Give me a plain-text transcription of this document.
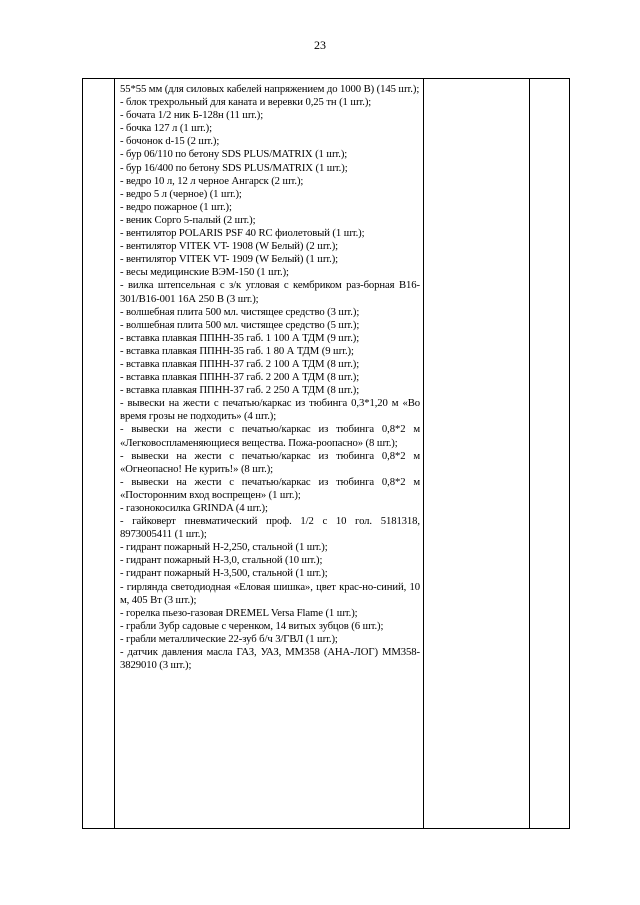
23

55*55 мм (для силовых кабелей напряжением до 1000 В) (145 шт.);
- блок трехрольный для каната и веревки 0,25 тн (1 шт.);
- бочата 1/2 ник Б-128н (11 шт.);
- бочка 127 л (1 шт.);
- бочонок d-15 (2 шт.);
- бур 06/110 по бетону SDS PLUS/MATRIX (1 шт.);
- бур 16/400 по бетону SDS PLUS/MATRIX (1 шт.);
- ведро 10 л, 12 л черное Ангарск (2 шт.);
- ведро 5 л (черное) (1 шт.);
- ведро пожарное (1 шт.);
- веник Сорго 5-палый (2 шт.);
- вентилятор POLARIS PSF 40 RC фиолетовый (1 шт.);
- вентилятор VITEK VT- 1908 (W Белый) (2 шт.);
- вентилятор VITEK VT- 1909 (W Белый) (1 шт.);
- весы медицинские ВЭМ-150 (1 шт.);
- вилка штепсельная с з/к угловая с кембриком раз-борная В16-301/В16-001 16А 250 В (3 шт.);
- волшебная плита 500 мл. чистящее средство (3 шт.);
- волшебная плита 500 мл. чистящее средство (5 шт.);
- вставка плавкая ППНН-35 габ. 1 100 А ТДМ (9 шт.);
- вставка плавкая ППНН-35 габ. 1 80 А ТДМ (9 шт.);
- вставка плавкая ППНН-37 габ. 2 100 А ТДМ (8 шт.);
- вставка плавкая ППНН-37 габ. 2 200 А ТДМ (8 шт.);
- вставка плавкая ППНН-37 габ. 2 250 А ТДМ (8 шт.);
- вывески на жести с печатью/каркас из тюбинга 0,3*1,20 м «Во время грозы не подходить» (4 шт.);
- вывески на жести с печатью/каркас из тюбинга 0,8*2 м «Легковоспламеняющиеся вещества. Пожа-роопасно» (8 шт.);
- вывески на жести с печатью/каркас из тюбинга 0,8*2 м «Огнеопасно! Не курить!» (8 шт.);
- вывески на жести с печатью/каркас из тюбинга 0,8*2 м «Посторонним вход воспрещен» (1 шт.);
- газонокосилка GRINDA (4 шт.);
- гайковерт пневматический проф. 1/2 с 10 гол. 5181318, 8973005411 (1 шт.);
- гидрант пожарный Н-2,250, стальной (1 шт.);
- гидрант пожарный Н-3,0, стальной (10 шт.);
- гидрант пожарный Н-3,500, стальной (1 шт.);
- гирлянда светодиодная «Еловая шишка», цвет крас-но-синий, 10 м, 405 Вт (3 шт.);
- горелка пьезо-газовая DREMEL Versa Flame (1 шт.);
- грабли Зубр садовые с черенком, 14 витых зубцов (6 шт.);
- грабли металлические 22-зуб б/ч 3/ГВЛ (1 шт.);
- датчик давления масла ГАЗ, УАЗ, ММ358 (АНА-ЛОГ) ММ358-3829010 (3 шт.);
